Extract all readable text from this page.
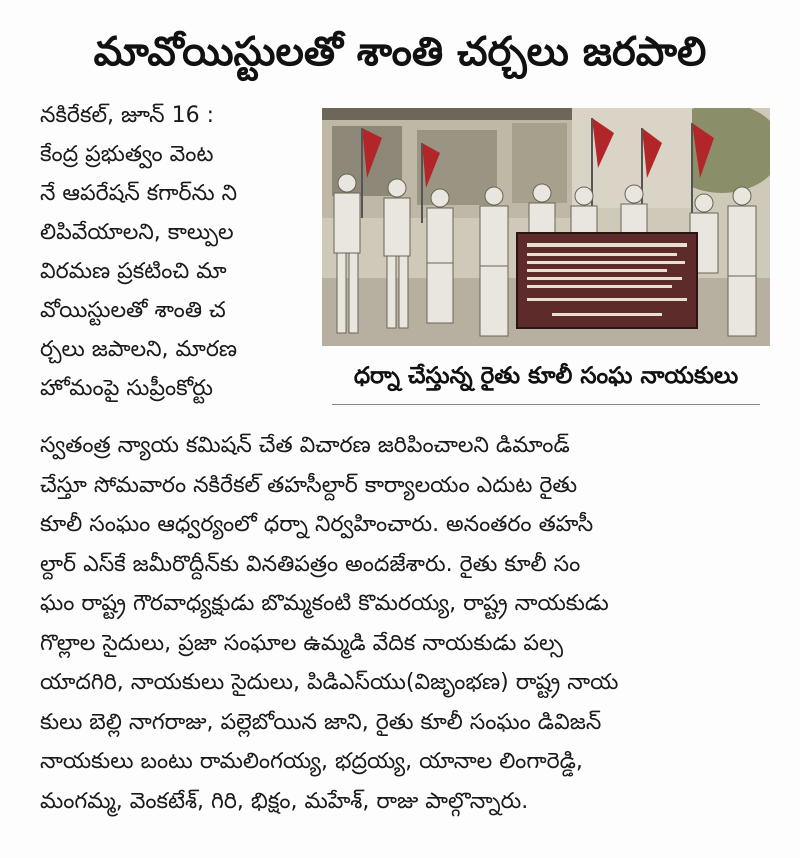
మావోయిస్టులతో శాంతి చర్చలు జరపాలి
నకిరేకల్, జూన్ 16 :
కేంద్ర ప్రభుత్వం వెంట
నే ఆపరేషన్ కగార్‌ను ని
లిపివేయాలని, కాల్పుల
విరమణ ప్రకటించి మా
వోయిస్టులతో శాంతి చ
ర్చలు జపాలని, మారణ
హోమంపై సుప్రీంకోర్టు	ధర్నా చేస్తున్న రైతు కూలీ సంఘ నాయకులు
స్వతంత్ర న్యాయ కమిషన్ చేత విచారణ జరిపించాలని డిమాండ్
చేస్తూ సోమవారం నకిరేకల్ తహసీల్దార్ కార్యాలయం ఎదుట రైతు
కూలీ సంఘం ఆధ్వర్యంలో ధర్నా నిర్వహించారు. అనంతరం తహసీ
ల్దార్ ఎస్‌కే జమీరొద్దీన్‌కు వినతిపత్రం అందజేశారు. రైతు కూలీ సం
ఘం రాష్ట్ర గౌరవాధ్యక్షుడు బొమ్మకంటి కొమరయ్య, రాష్ట్ర నాయకుడు
గొల్లాల సైదులు, ప్రజా సంఘాల ఉమ్మడి వేదిక నాయకుడు పల్స
యాదగిరి, నాయకులు సైదులు, పిడిఎస్‌యు(విజృంభణ) రాష్ట్ర నాయ
కులు బెల్లి నాగరాజు, పల్లెబోయిన జాని, రైతు కూలీ సంఘం డివిజన్
నాయకులు బంటు రామలింగయ్య, భద్రయ్య, యానాల లింగారెడ్డి,
మంగమ్మ, వెంకటేశ్, గిరి, భిక్షం, మహేశ్, రాజు పాల్గొన్నారు.
